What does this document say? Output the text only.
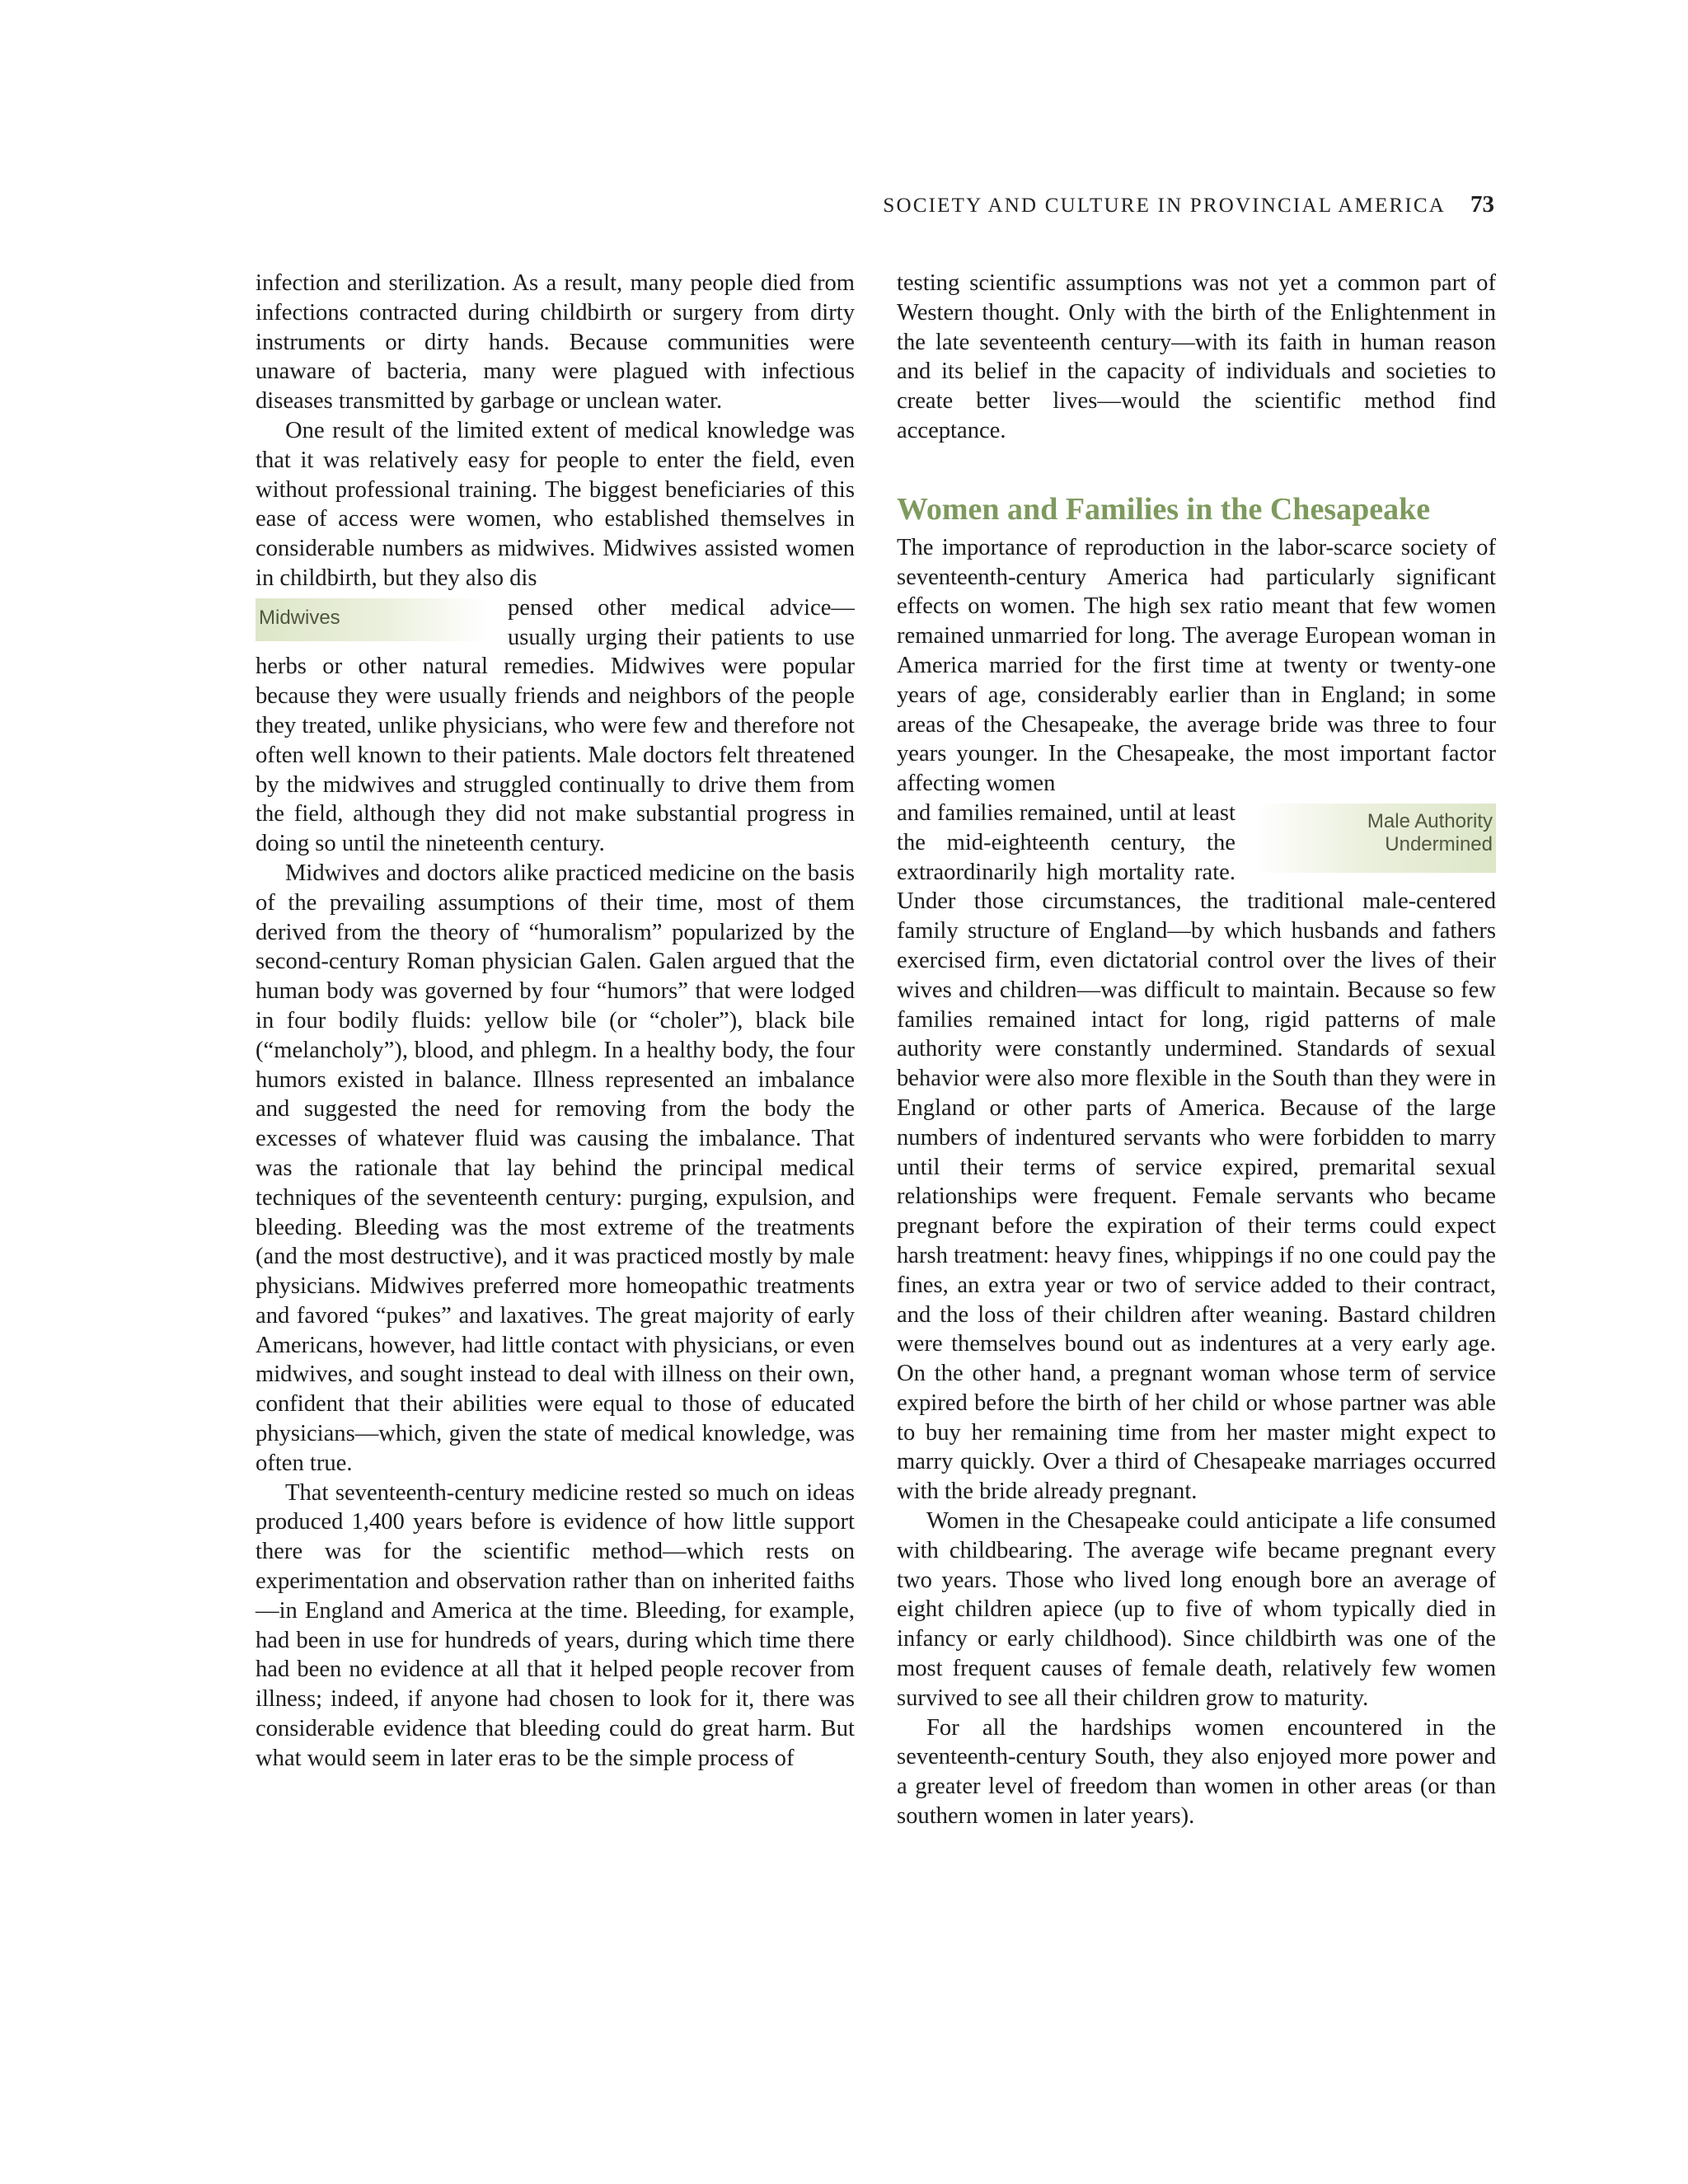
SOCIETY AND CULTURE IN PROVINCIAL AMERICA 73

infection and sterilization. As a result, many people died from infections contracted during childbirth or surgery from dirty instruments or dirty hands. Because communities were unaware of bacteria, many were plagued with infectious diseases transmitted by garbage or unclean water.

One result of the limited extent of medical knowledge was that it was relatively easy for people to enter the field, even without professional training. The biggest beneficiaries of this ease of access were women, who established themselves in considerable numbers as midwives. Midwives assisted women in childbirth, but they also dis

Midwives	pensed other medical advice—usually urging their patients to use herbs or other natural remedies. Midwives were popular because they were usually friends and neighbors of the people they treated, unlike physicians, who were few and therefore not often well known to their patients. Male doctors felt threatened by the midwives and struggled continually to drive them from the field, although they did not make substantial progress in doing so until the nineteenth century.

Midwives and doctors alike practiced medicine on the basis of the prevailing assumptions of their time, most of them derived from the theory of “humoralism” popularized by the second-century Roman physician Galen. Galen argued that the human body was governed by four “humors” that were lodged in four bodily fluids: yellow bile (or “choler”), black bile (“melancholy”), blood, and phlegm. In a healthy body, the four humors existed in balance. Illness represented an imbalance and suggested the need for removing from the body the excesses of whatever fluid was causing the imbalance. That was the rationale that lay behind the principal medical techniques of the seventeenth century: purging, expulsion, and bleeding. Bleeding was the most extreme of the treatments (and the most destructive), and it was practiced mostly by male physicians. Midwives preferred more homeopathic treatments and favored “pukes” and laxatives. The great majority of early Americans, however, had little contact with physicians, or even midwives, and sought instead to deal with illness on their own, confident that their abilities were equal to those of educated physicians—which, given the state of medical knowledge, was often true.

That seventeenth-century medicine rested so much on ideas produced 1,400 years before is evidence of how little support there was for the scientific method—which rests on experimentation and observation rather than on inherited faiths—in England and America at the time. Bleeding, for example, had been in use for hundreds of years, during which time there had been no evidence at all that it helped people recover from illness; indeed, if anyone had chosen to look for it, there was considerable evidence that bleeding could do great harm. But what would seem in later eras to be the simple process of

testing scientific assumptions was not yet a common part of Western thought. Only with the birth of the Enlightenment in the late seventeenth century—with its faith in human reason and its belief in the capacity of individuals and societies to create better lives—would the scientific method find acceptance.

Women and Families in the Chesapeake

The importance of reproduction in the labor-scarce society of seventeenth-century America had particularly significant effects on women. The high sex ratio meant that few women remained unmarried for long. The average European woman in America married for the first time at twenty or twenty-one years of age, considerably earlier than in England; in some areas of the Chesapeake, the average bride was three to four years younger. In the Chesapeake, the most important factor affecting women

Male Authority
Undermined

and families remained, until at least the mid-eighteenth century, the extraordinarily high mortality rate. Under those circumstances, the traditional male-centered family structure of England—by which husbands and fathers exercised firm, even dictatorial control over the lives of their wives and children—was difficult to maintain. Because so few families remained intact for long, rigid patterns of male authority were constantly undermined. Standards of sexual behavior were also more flexible in the South than they were in England or other parts of America. Because of the large numbers of indentured servants who were forbidden to marry until their terms of service expired, premarital sexual relationships were frequent. Female servants who became pregnant before the expiration of their terms could expect harsh treatment: heavy fines, whippings if no one could pay the fines, an extra year or two of service added to their contract, and the loss of their children after weaning. Bastard children were themselves bound out as indentures at a very early age. On the other hand, a pregnant woman whose term of service expired before the birth of her child or whose partner was able to buy her remaining time from her master might expect to marry quickly. Over a third of Chesapeake marriages occurred with the bride already pregnant.

Women in the Chesapeake could anticipate a life consumed with childbearing. The average wife became pregnant every two years. Those who lived long enough bore an average of eight children apiece (up to five of whom typically died in infancy or early childhood). Since childbirth was one of the most frequent causes of female death, relatively few women survived to see all their children grow to maturity.

For all the hardships women encountered in the seventeenth-century South, they also enjoyed more power and a greater level of freedom than women in other areas (or than southern women in later years).
